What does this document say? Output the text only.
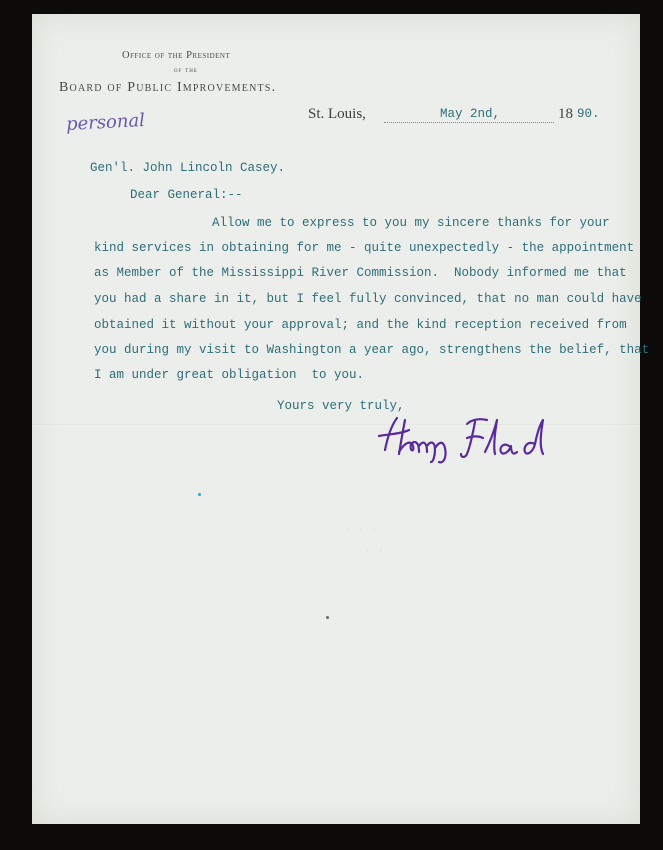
Office of the President
of the
Board of Public Improvements.
personal	St. Louis,	May 2nd,	18 90.
Gen'l. John Lincoln Casey.
Dear General:--
Allow me to express to you my sincere thanks for your
kind services in obtaining for me - quite unexpectedly - the appointment
as Member of the Mississippi River Commission.  Nobody informed me that
you had a share in it, but I feel fully convinced, that no man could have
obtained it without your approval; and the kind reception received from
you during my visit to Washington a year ago, strengthens the belief, that
I am under great obligation  to you.
Yours very truly,
. . .
. .
